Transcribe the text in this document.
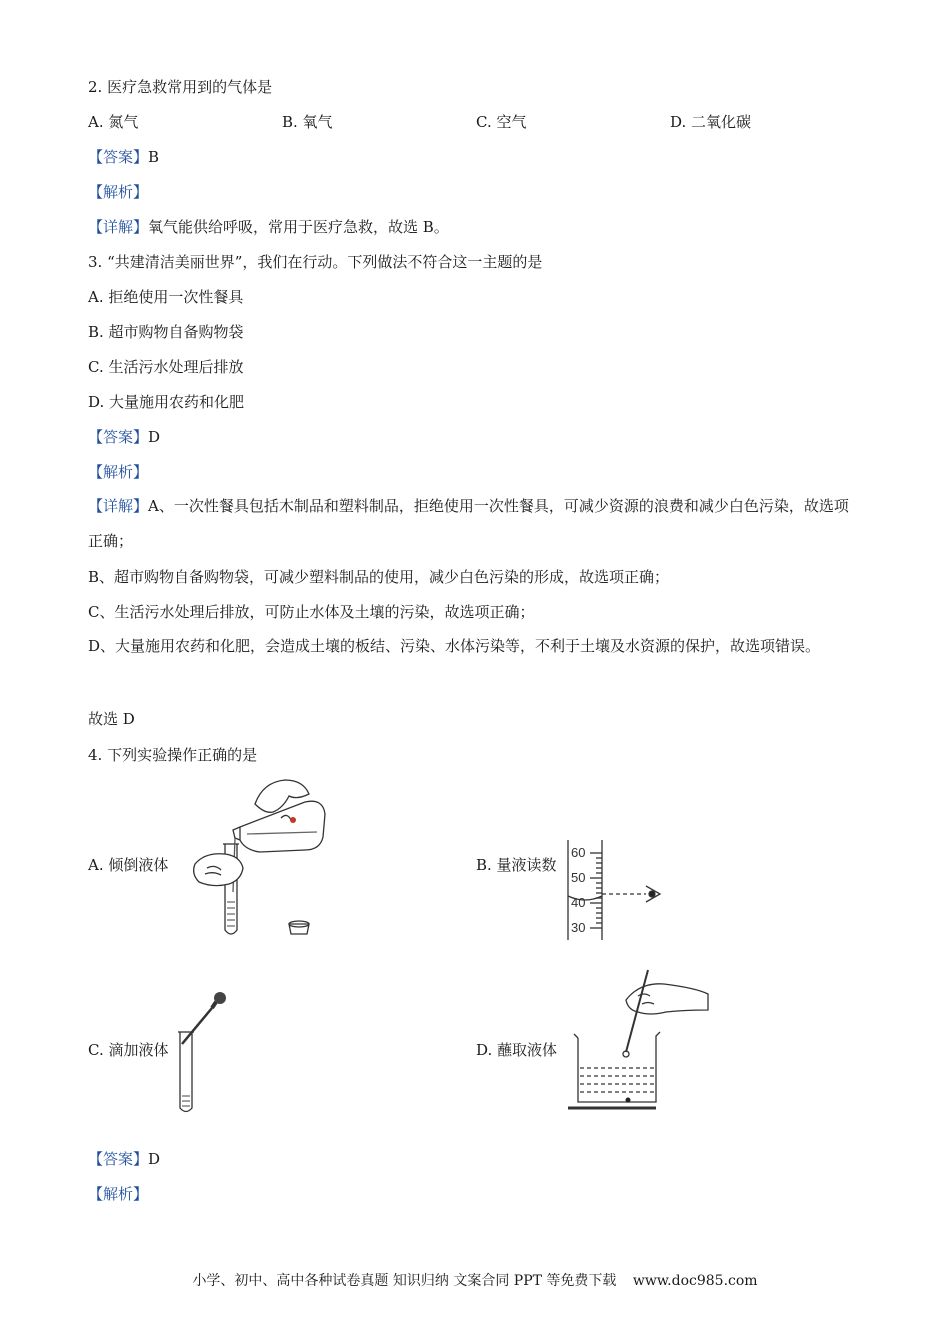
2. 医疗急救常用到的气体是
A. 氮气	B. 氧气	C. 空气	D. 二氧化碳
【答案】B
【解析】
【详解】氧气能供给呼吸，常用于医疗急救，故选 B。
3. “共建清洁美丽世界”，我们在行动。下列做法不符合这一主题的是
A. 拒绝使用一次性餐具
B. 超市购物自备购物袋
C. 生活污水处理后排放
D. 大量施用农药和化肥
【答案】D
【解析】
【详解】A、一次性餐具包括木制品和塑料制品，拒绝使用一次性餐具，可减少资源的浪费和减少白色污染，故选项正确；
B、超市购物自备购物袋，可减少塑料制品的使用，减少白色污染的形成，故选项正确；
C、生活污水处理后排放，可防止水体及土壤的污染，故选项正确；
D、大量施用农药和化肥，会造成土壤的板结、污染、水体污染等，不利于土壤及水资源的保护，故选项错误。
故选 D
4. 下列实验操作正确的是
A. 倾倒液体	B. 量液读数
C. 滴加液体	D. 蘸取液体
60
50
40
30
【答案】D
【解析】
小学、初中、高中各种试卷真题 知识归纳 文案合同 PPT 等免费下载 www.doc985.com
